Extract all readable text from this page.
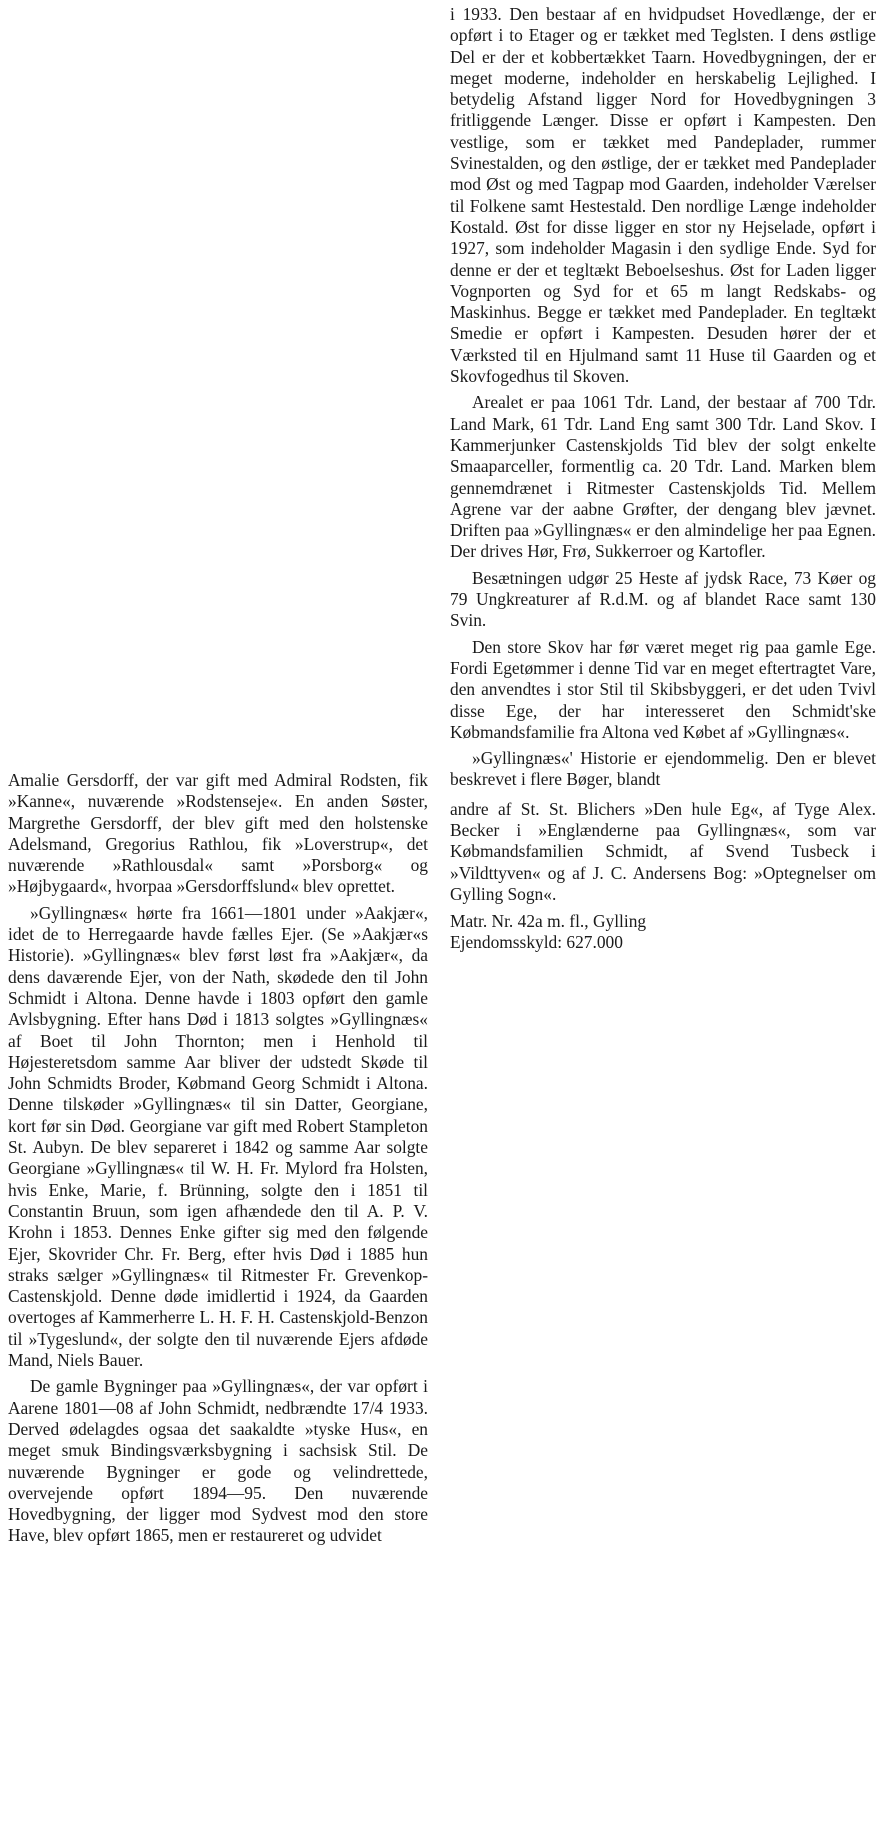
Amalie Gersdorff, der var gift med Admiral Rodsten, fik »Kanne«, nuværende »Rodstenseje«. En anden Søster, Margrethe Gersdorff, der blev gift med den holstenske Adelsmand, Gregorius Rathlou, fik »Loverstrup«, det nuværende »Rathlousdal« samt »Porsborg« og »Højbygaard«, hvorpaa »Gersdorffslund« blev oprettet.

»Gyllingnæs« hørte fra 1661—1801 under »Aakjær«, idet de to Herregaarde havde fælles Ejer. (Se »Aakjær«s Historie). »Gyllingnæs« blev først løst fra »Aakjær«, da dens daværende Ejer, von der Nath, skødede den til John Schmidt i Altona. Denne havde i 1803 opført den gamle Avlsbygning. Efter hans Død i 1813 solgtes »Gyllingnæs« af Boet til John Thornton; men i Henhold til Højesteretsdom samme Aar bliver der udstedt Skøde til John Schmidts Broder, Købmand Georg Schmidt i Altona. Denne tilskøder »Gyllingnæs« til sin Datter, Georgiane, kort før sin Død. Georgiane var gift med Robert Stampleton St. Aubyn. De blev separeret i 1842 og samme Aar solgte Georgiane »Gyllingnæs« til W. H. Fr. Mylord fra Holsten, hvis Enke, Marie, f. Brünning, solgte den i 1851 til Constantin Bruun, som igen afhændede den til A. P. V. Krohn i 1853. Dennes Enke gifter sig med den følgende Ejer, Skovrider Chr. Fr. Berg, efter hvis Død i 1885 hun straks sælger »Gyllingnæs« til Ritmester Fr. Grevenkop-Castenskjold. Denne døde imidlertid i 1924, da Gaarden overtoges af Kammerherre L. H. F. H. Castenskjold-Benzon til »Tygeslund«, der solgte den til nuværende Ejers afdøde Mand, Niels Bauer.

De gamle Bygninger paa »Gyllingnæs«, der var opført i Aarene 1801—08 af John Schmidt, nedbrændte 17/4 1933. Derved ødelagdes ogsaa det saakaldte »tyske Hus«, en meget smuk Bindingsværksbygning i sachsisk Stil. De nuværende Bygninger er gode og velindrettede, overvejende opført 1894—95. Den nuværende Hovedbygning, der ligger mod Sydvest mod den store Have, blev opført 1865, men er restaureret og udvidet

i 1933. Den bestaar af en hvidpudset Hovedlænge, der er opført i to Etager og er tækket med Teglsten. I dens østlige Del er der et kobbertækket Taarn. Hovedbygningen, der er meget moderne, indeholder en herskabelig Lejlighed. I betydelig Afstand ligger Nord for Hovedbygningen 3 fritliggende Længer. Disse er opført i Kampesten. Den vestlige, som er tækket med Pandeplader, rummer Svinestalden, og den østlige, der er tækket med Pandeplader mod Øst og med Tagpap mod Gaarden, indeholder Værelser til Folkene samt Hestestald. Den nordlige Længe indeholder Kostald. Øst for disse ligger en stor ny Hejselade, opført i 1927, som indeholder Magasin i den sydlige Ende. Syd for denne er der et tegltækt Beboelseshus. Øst for Laden ligger Vognporten og Syd for et 65 m langt Redskabs- og Maskinhus. Begge er tækket med Pandeplader. En tegltækt Smedie er opført i Kampesten. Desuden hører der et Værksted til en Hjulmand samt 11 Huse til Gaarden og et Skovfogedhus til Skoven.

Arealet er paa 1061 Tdr. Land, der bestaar af 700 Tdr. Land Mark, 61 Tdr. Land Eng samt 300 Tdr. Land Skov. I Kammerjunker Castenskjolds Tid blev der solgt enkelte Smaaparceller, formentlig ca. 20 Tdr. Land. Marken blem gennemdrænet i Ritmester Castenskjolds Tid. Mellem Agrene var der aabne Grøfter, der dengang blev jævnet. Driften paa »Gyllingnæs« er den almindelige her paa Egnen. Der drives Hør, Frø, Sukkerroer og Kartofler.

Besætningen udgør 25 Heste af jydsk Race, 73 Køer og 79 Ungkreaturer af R.d.M. og af blandet Race samt 130 Svin.

Den store Skov har før været meget rig paa gamle Ege. Fordi Egetømmer i denne Tid var en meget eftertragtet Vare, den anvendtes i stor Stil til Skibsbyggeri, er det uden Tvivl disse Ege, der har interesseret den Schmidt'ske Købmandsfamilie fra Altona ved Købet af »Gyllingnæs«.

»Gyllingnæs«' Historie er ejendommelig. Den er blevet beskrevet i flere Bøger, blandt

andre af St. St. Blichers »Den hule Eg«, af Tyge Alex. Becker i »Englænderne paa Gyllingnæs«, som var Købmandsfamilien Schmidt, af Svend Tusbeck i »Vildttyven« og af J. C. Andersens Bog: »Optegnelser om Gylling Sogn«.

Matr. Nr. 42a m. fl., Gylling
Ejendomsskyld: 627.000
